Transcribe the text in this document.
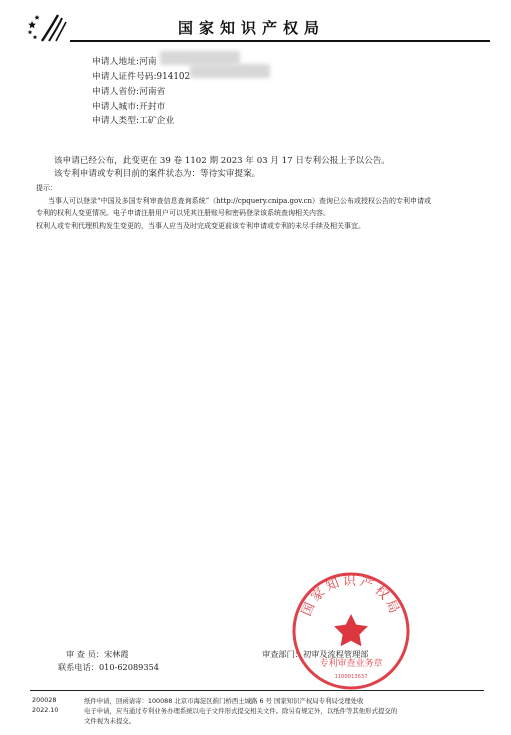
国家知识产权局
申请人地址:河南
申请人证件号码:914102
申请人省份:河南省
申请人城市:开封市
申请人类型:工矿企业
该申请已经公布，此变更在 39 卷 1102 期 2023 年 03 月 17 日专利公报上予以公告。
该专利申请或专利目前的案件状态为：等待实审提案。
提示：
当事人可以登录“中国及多国专利审查信息查询系统”（http://cpquery.cnipa.gov.cn）查询已公布或授权公告的专利申请或
专利的权利人变更情况。电子申请注册用户可以凭其注册账号和密码登录该系统查询相关内容。
权利人或专利代理机构发生变更的，当事人应当及时完成变更前该专利申请或专利的未尽手续及相关事宜。
审 查 员：宋林霞
联系电话：010-62089354
审查部门：初审及流程管理部
国家知识产权局
专利审查业务章
1100013637
200028
2022.10
纸件申请，回函请寄：100088 北京市海淀区蓟门桥西土城路 6 号 国家知识产权局专利局受理处收
电子申请，应当通过专利业务办理系统以电子文件形式提交相关文件。除另有规定外，以纸件等其他形式提交的
文件视为未提交。
